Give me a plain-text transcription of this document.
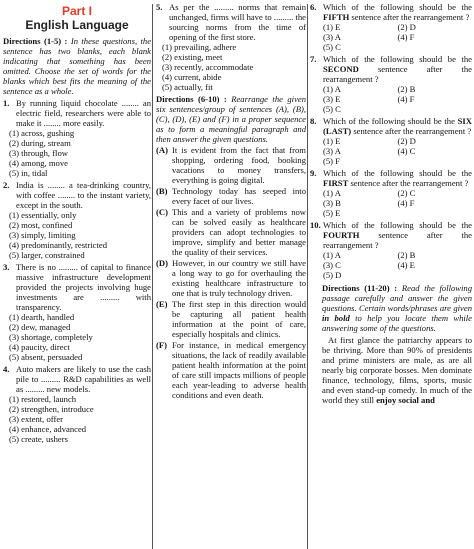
Part I
English Language
Directions (1-5) : In these questions, the sentence has two blanks, each blank indicating that something has been omitted. Choose the set of words for the blanks which best fits the meaning of the sentence as a whole.
1. By running liquid chocolate ........ an electric field, researchers were able to make it ........ more easily.
(1) across, gushing
(2) during, stream
(3) through, flow
(4) among, move
(5) in, tidal
2. India is ........ a tea-drinking country, with coffee ........ to the instant variety, except in the south.
(1) essentially, only
(2) most, confined
(3) simply, limiting
(4) predominantly, restricted
(5) larger, constrained
3. There is no ......... of capital to finance massive infrastructure development provided the projects involving huge investments are ......... with transparency.
(1) dearth, handled
(2) dew, managed
(3) shortage, completely
(4) paucity, direct
(5) absent, persuaded
4. Auto makers are likely to use the cash pile to ......... R&D capabilities as well as ......... new models.
(1) restored, launch
(2) strengthen, introduce
(3) extent, offer
(4) enhance, advanced
(5) create, ushers
5. As per the ......... norms that remain unchanged, firms will have to ......... the sourcing norms from the time of opening of the first store.
(1) prevailing, adhere
(2) existing, meet
(3) recently, accommodate
(4) current, abide
(5) actually, fit
Directions (6-10) : Rearrange the given six sentences/group of sentences (A), (B), (C), (D), (E) and (F) in a proper sequence as to form a meaningful paragraph and then answer the given questions.
(A) It is evident from the fact that from shopping, ordering food, booking vacations to money transfers, everything is going digital.
(B) Technology today has seeped into every facet of our lives.
(C) This and a variety of problems now can be solved easily as healthcare providers can adopt technologies to improve, simplify and better manage the quality of their services.
(D) However, in our country we still have a long way to go for overhauling the existing healthcare infrastructure to one that is truly technology driven.
(E) The first step in this direction would be capturing all patient health information at the point of care, especially hospitals and clinics.
(F) For instance, in medical emergency situations, the lack of readily available patient health information at the point of care still impacts millions of people each year-leading to adverse health conditions and even death.
6. Which of the following should be the FIFTH sentence after the rearrangement ?
(1) E	(2) D
(3) A	(4) F
(5) C
7. Which of the following should be the SECOND sentence after the rearrangement ?
(1) A	(2) B
(3) E	(4) F
(5) C
8. Which of the following should be the SIX (LAST) sentence after the rearrangement ?
(1) E	(2) D
(3) A	(4) C
(5) F
9. Which of the following should be the FIRST sentence after the rearrangement ?
(1) A	(2) C
(3) B	(4) F
(5) E
10. Which of the following should be the FOURTH sentence after the rearrangement ?
(1) A	(2) B
(3) C	(4) E
(5) D
Directions (11-20) : Read the following passage carefully and answer the given questions. Certain words/phrases are given in bold to help you locate them while answering some of the questions.
At first glance the patriarchy appears to be thriving. More than 90% of presidents and prime ministers are male, as are all nearly big corporate bosses. Men dominate finance, technology, films, sports, music and even stand-up comedy. In much of the world they still enjoy social and
